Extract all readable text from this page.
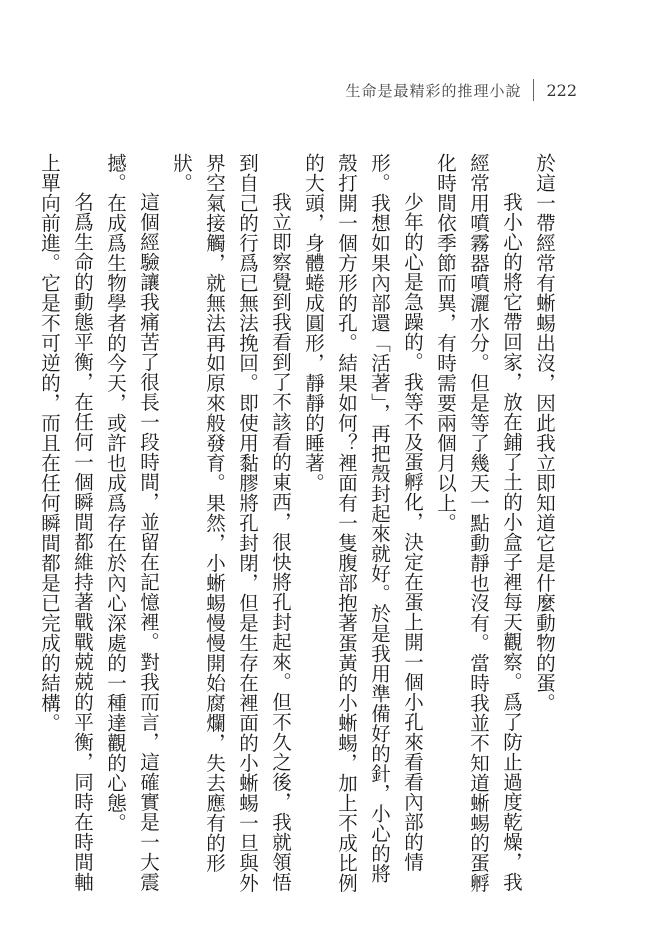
生命是最精彩的推理小說 222

於這一帶經常有蜥蜴出沒，因此我立即知道它是什麼動物的蛋。

我小心的將它帶回家，放在鋪了土的小盒子裡每天觀察。爲了防止過度乾燥，我經常用噴霧器噴灑水分。但是等了幾天一點動靜也沒有。當時我並不知道蜥蜴的蛋孵化時間依季節而異，有時需要兩個月以上。

少年的心是急躁的。我等不及蛋孵化，決定在蛋上開一個小孔來看看內部的情形。我想如果內部還「活著」，再把殼封起來就好。於是我用準備好的針，小心的將殼打開一個方形的孔。結果如何？裡面有一隻腹部抱著蛋黃的小蜥蜴，加上不成比例的大頭，身體蜷成圓形，靜靜的睡著。

我立即察覺到我看到了不該看的東西，很快將孔封起來。但不久之後，我就領悟到自己的行爲已無法挽回。即使用黏膠將孔封閉，但是生存在裡面的小蜥蜴一旦與外界空氣接觸，就無法再如原來般發育。果然，小蜥蜴慢慢開始腐爛，失去應有的形狀。

這個經驗讓我痛苦了很長一段時間，並留在記憶裡。對我而言，這確實是一大震撼。在成爲生物學者的今天，或許也成爲存在於內心深處的一種達觀的心態。

名爲生命的動態平衡，在任何一個瞬間都維持著戰戰兢兢的平衡，同時在時間軸上單向前進。它是不可逆的，而且在任何瞬間都是已完成的結構。
